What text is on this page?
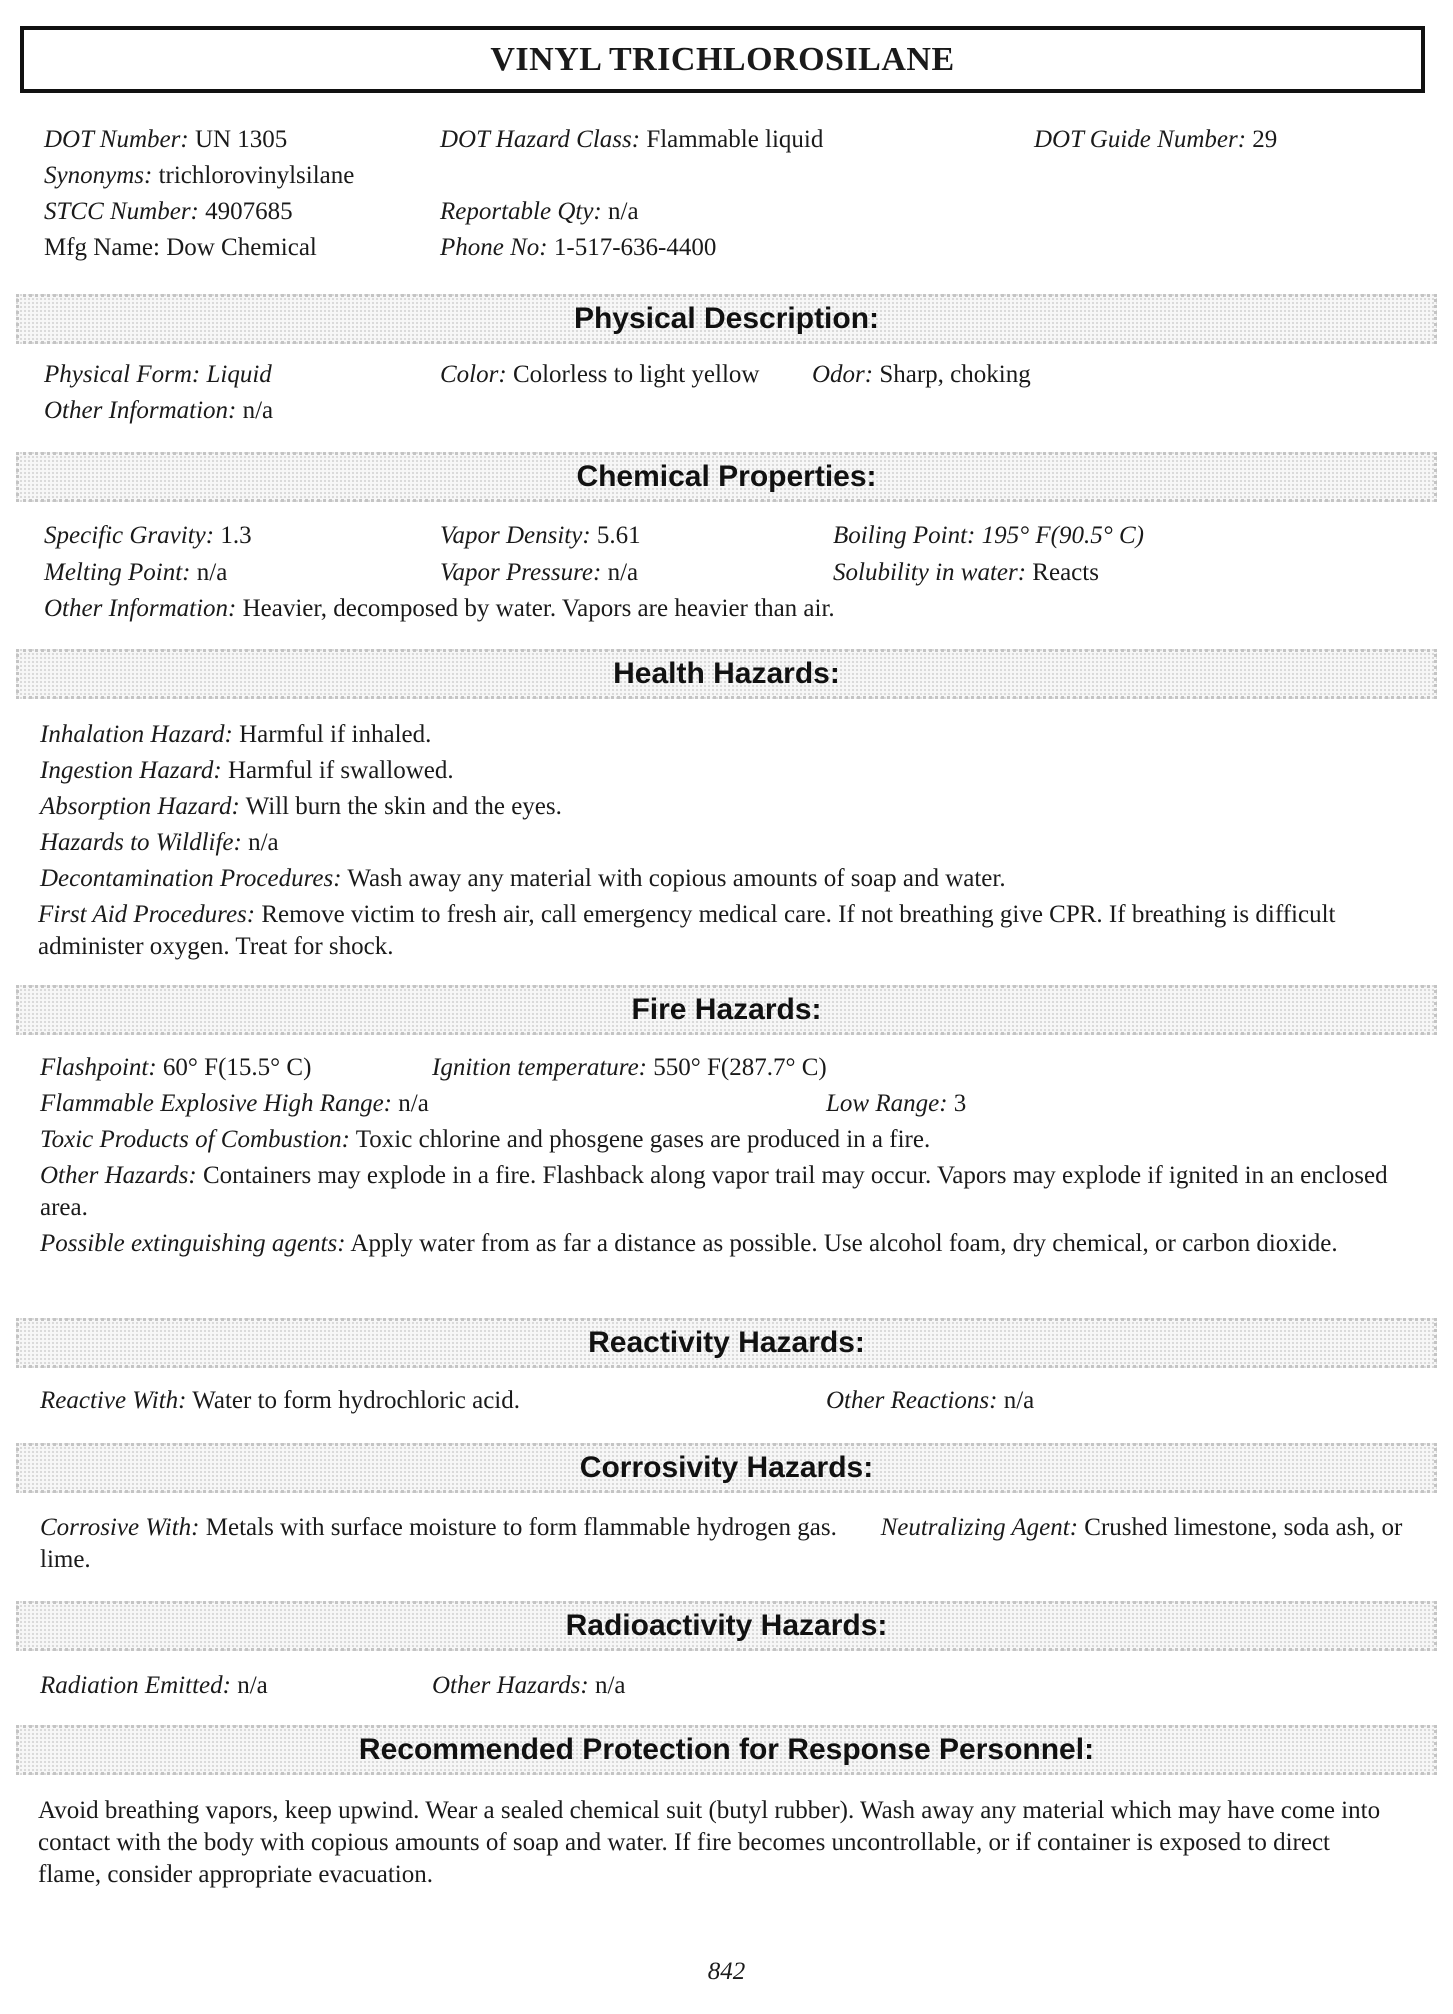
VINYL TRICHLOROSILANE
DOT Number: UN 1305	DOT Hazard Class: Flammable liquid	DOT Guide Number: 29
Synonyms: trichlorovinylsilane
STCC Number: 4907685	Reportable Qty: n/a
Mfg Name: Dow Chemical	Phone No: 1-517-636-4400
Physical Description:
Physical Form: Liquid	Color: Colorless to light yellow Odor: Sharp, choking
Other Information: n/a
Chemical Properties:
Specific Gravity: 1.3	Vapor Density: 5.61	Boiling Point: 195° F(90.5° C)
Melting Point: n/a	Vapor Pressure: n/a	Solubility in water: Reacts
Other Information: Heavier, decomposed by water. Vapors are heavier than air.
Health Hazards:
Inhalation Hazard: Harmful if inhaled.
Ingestion Hazard: Harmful if swallowed.
Absorption Hazard: Will burn the skin and the eyes.
Hazards to Wildlife: n/a
Decontamination Procedures: Wash away any material with copious amounts of soap and water.
First Aid Procedures: Remove victim to fresh air, call emergency medical care. If not breathing give CPR. If breathing is difficult administer oxygen. Treat for shock.
Fire Hazards:
Flashpoint: 60° F(15.5° C)	Ignition temperature: 550° F(287.7° C)
Flammable Explosive High Range: n/a	Low Range: 3
Toxic Products of Combustion: Toxic chlorine and phosgene gases are produced in a fire.
Other Hazards: Containers may explode in a fire. Flashback along vapor trail may occur. Vapors may explode if ignited in an enclosed area.
Possible extinguishing agents: Apply water from as far a distance as possible. Use alcohol foam, dry chemical, or carbon dioxide.
Reactivity Hazards:
Reactive With: Water to form hydrochloric acid.	Other Reactions: n/a
Corrosivity Hazards:
Corrosive With: Metals with surface moisture to form flammable hydrogen gas. Neutralizing Agent: Crushed limestone, soda ash, or lime.
Radioactivity Hazards:
Radiation Emitted: n/a	Other Hazards: n/a
Recommended Protection for Response Personnel:
Avoid breathing vapors, keep upwind. Wear a sealed chemical suit (butyl rubber). Wash away any material which may have come into contact with the body with copious amounts of soap and water. If fire becomes uncontrollable, or if container is exposed to direct flame, consider appropriate evacuation.
842
